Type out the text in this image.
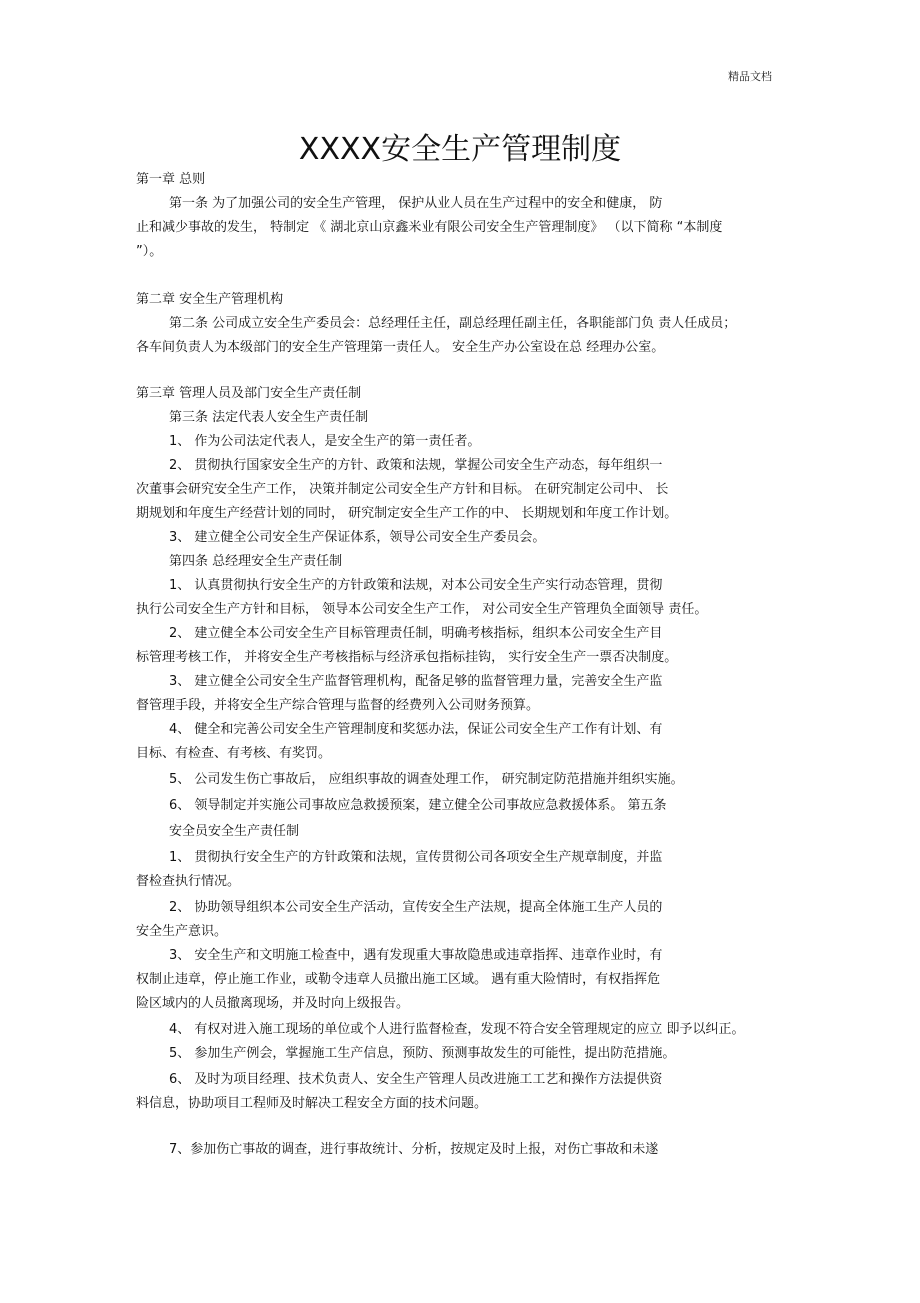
精品文档
XXXX安全生产管理制度
第一章 总则
第一条 为了加强公司的安全生产管理， 保护从业人员在生产过程中的安全和健康， 防
止和减少事故的发生， 特制定 《 湖北京山京鑫米业有限公司安全生产管理制度》 （以下简称 “本制度
”）。
第二章 安全生产管理机构
第二条 公司成立安全生产委员会：总经理任主任，副总经理任副主任，各职能部门负 责人任成员；
各车间负责人为本级部门的安全生产管理第一责任人。 安全生产办公室设在总 经理办公室。
第三章 管理人员及部门安全生产责任制
第三条 法定代表人安全生产责任制
1、 作为公司法定代表人，是安全生产的第一责任者。
2、 贯彻执行国家安全生产的方针、政策和法规，掌握公司安全生产动态，每年组织一
次董事会研究安全生产工作， 决策并制定公司安全生产方针和目标。 在研究制定公司中、 长
期规划和年度生产经营计划的同时， 研究制定安全生产工作的中、 长期规划和年度工作计划。
3、 建立健全公司安全生产保证体系，领导公司安全生产委员会。
第四条 总经理安全生产责任制
1、 认真贯彻执行安全生产的方针政策和法规，对本公司安全生产实行动态管理，贯彻
执行公司安全生产方针和目标， 领导本公司安全生产工作， 对公司安全生产管理负全面领导 责任。
2、 建立健全本公司安全生产目标管理责任制，明确考核指标，组织本公司安全生产目
标管理考核工作， 并将安全生产考核指标与经济承包指标挂钩， 实行安全生产一票否决制度。
3、 建立健全公司安全生产监督管理机构，配备足够的监督管理力量，完善安全生产监
督管理手段，并将安全生产综合管理与监督的经费列入公司财务预算。
4、 健全和完善公司安全生产管理制度和奖惩办法，保证公司安全生产工作有计划、有
目标、有检查、有考核、有奖罚。
5、 公司发生伤亡事故后， 应组织事故的调查处理工作， 研究制定防范措施并组织实施。
6、 领导制定并实施公司事故应急救援预案，建立健全公司事故应急救援体系。 第五条
安全员安全生产责任制
1、 贯彻执行安全生产的方针政策和法规，宣传贯彻公司各项安全生产规章制度，并监
督检查执行情况。
2、 协助领导组织本公司安全生产活动，宣传安全生产法规，提高全体施工生产人员的
安全生产意识。
3、 安全生产和文明施工检查中，遇有发现重大事故隐患或违章指挥、违章作业时，有
权制止违章，停止施工作业，或勒令违章人员撤出施工区域。 遇有重大险情时，有权指挥危
险区域内的人员撤离现场，并及时向上级报告。
4、 有权对进入施工现场的单位或个人进行监督检查，发现不符合安全管理规定的应立 即予以纠正。
5、 参加生产例会，掌握施工生产信息，预防、预测事故发生的可能性，提出防范措施。
6、 及时为项目经理、技术负责人、安全生产管理人员改进施工工艺和操作方法提供资
料信息，协助项目工程师及时解决工程安全方面的技术问题。
7、参加伤亡事故的调查，进行事故统计、分析，按规定及时上报，对伤亡事故和未遂
